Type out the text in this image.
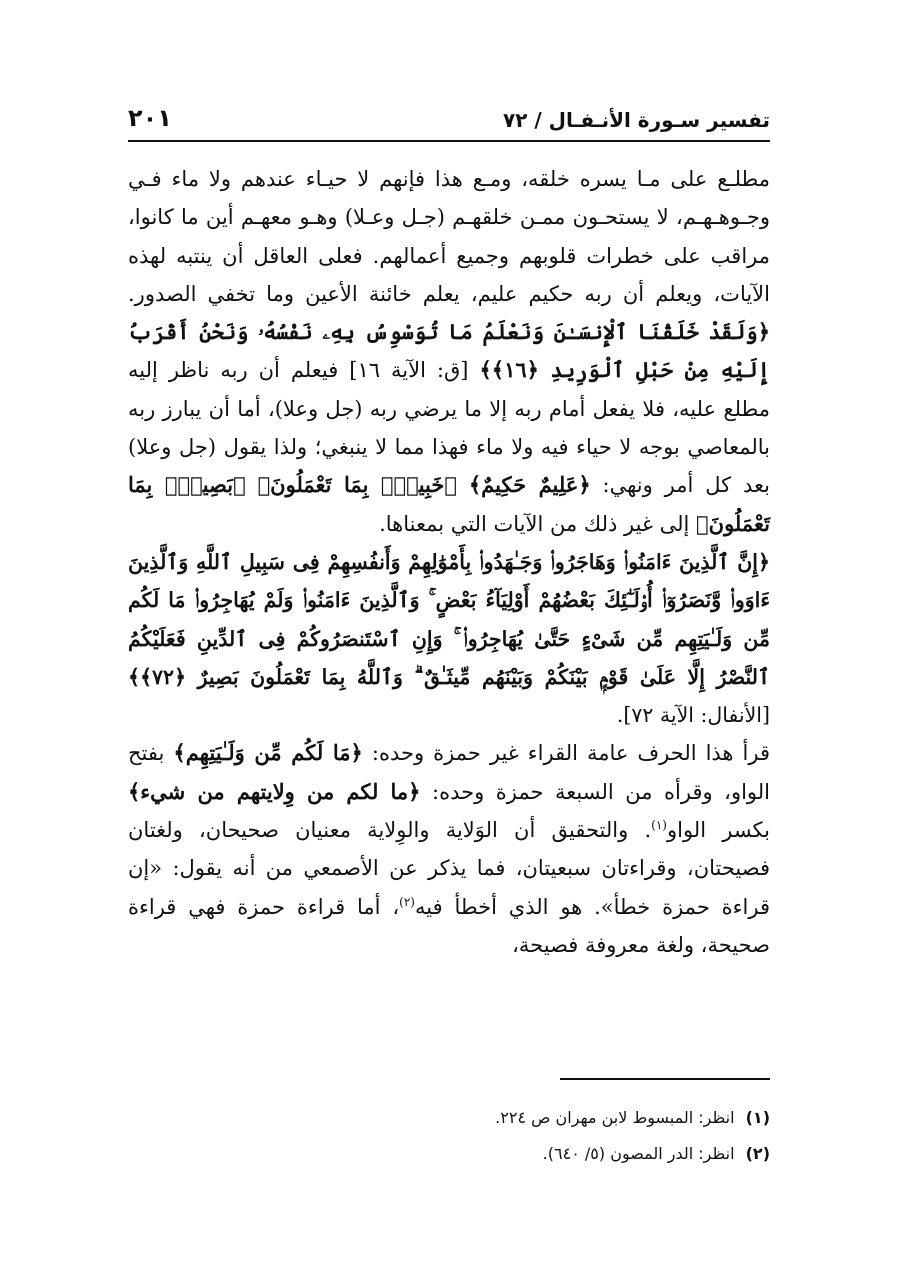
تفسير سـورة الأنـفـال / ٧٢
٢٠١

مطلـع على مـا يسره خلقه، ومـع هذا فإنهم لا حيـاء عندهم ولا ماء فـي وجـوهـهـم، لا يستحـون ممـن خلقهـم (جـل وعـلا) وهـو معهـم أين ما كانوا، مراقب على خطرات قلوبهم وجميع أعمالهم. فعلى العاقل أن ينتبه لهذه الآيات، ويعلم أن ربه حكيم عليم، يعلم خائنة الأعين وما تخفي الصدور. ﴿وَلَقَدْ خَلَقْنَا ٱلْإِنسَـٰنَ وَنَعْلَمُ مَا تُوَسْوِسُ بِهِۦ نَفْسُهُۥ وَنَحْنُ أَقْرَبُ إِلَيْهِ مِنْ حَبْلِ ٱلْوَرِيدِ ﴿١٦﴾﴾ [ق: الآية ١٦] فيعلم أن ربه ناظر إليه مطلع عليه، فلا يفعل أمام ربه إلا ما يرضي ربه (جل وعلا)، أما أن يبارز ربه بالمعاصي بوجه لا حياء فيه ولا ماء فهذا مما لا ينبغي؛ ولذا يقول (جل وعلا) بعد كل أمر ونهي: ﴿عَلِيمٌ حَكِيمٌ﴾ ﴿خَبِيرٌۢ بِمَا تَعْمَلُونَ﴾ ﴿بَصِيرٌۢ بِمَا تَعْمَلُونَ﴾ إلى غير ذلك من الآيات التي بمعناها.

﴿إِنَّ ٱلَّذِينَ ءَامَنُوا۟ وَهَاجَرُوا۟ وَجَـٰهَدُوا۟ بِأَمْوَٰلِهِمْ وَأَنفُسِهِمْ فِى سَبِيلِ ٱللَّهِ وَٱلَّذِينَ ءَاوَوا۟ وَّنَصَرُوٓا۟ أُو۟لَـٰٓئِكَ بَعْضُهُمْ أَوْلِيَآءُ بَعْضٍ ۚ وَٱلَّذِينَ ءَامَنُوا۟ وَلَمْ يُهَاجِرُوا۟ مَا لَكُم مِّن وَلَـٰيَتِهِم مِّن شَىْءٍ حَتَّىٰ يُهَاجِرُوا۟ ۚ وَإِنِ ٱسْتَنصَرُوكُمْ فِى ٱلدِّينِ فَعَلَيْكُمُ ٱلنَّصْرُ إِلَّا عَلَىٰ قَوْمٍۭ بَيْنَكُمْ وَبَيْنَهُم مِّيثَـٰقٌ ۗ وَٱللَّهُ بِمَا تَعْمَلُونَ بَصِيرٌ ﴿٧٢﴾﴾ [الأنفال: الآية ٧٢].

قرأ هذا الحرف عامة القراء غير حمزة وحده: ﴿مَا لَكُم مِّن وَلَـٰيَتِهِم﴾ بفتح الواو، وقرأه من السبعة حمزة وحده: ﴿ما لكم من وِلايتهم من شيء﴾ بكسر الواو$^{(١)}$. والتحقيق أن الوَلاية والوِلاية معنيان صحيحان، ولغتان فصيحتان، وقراءتان سبعيتان، فما يذكر عن الأصمعي من أنه يقول: «إن قراءة حمزة خطأ». هو الذي أخطأ فيه$^{(٢)}$، أما قراءة حمزة فهي قراءة صحيحة، ولغة معروفة فصيحة،

(١) انظر: المبسوط لابن مهران ص ٢٢٤.
(٢) انظر: الدر المصون (٥/ ٦٤٠).
